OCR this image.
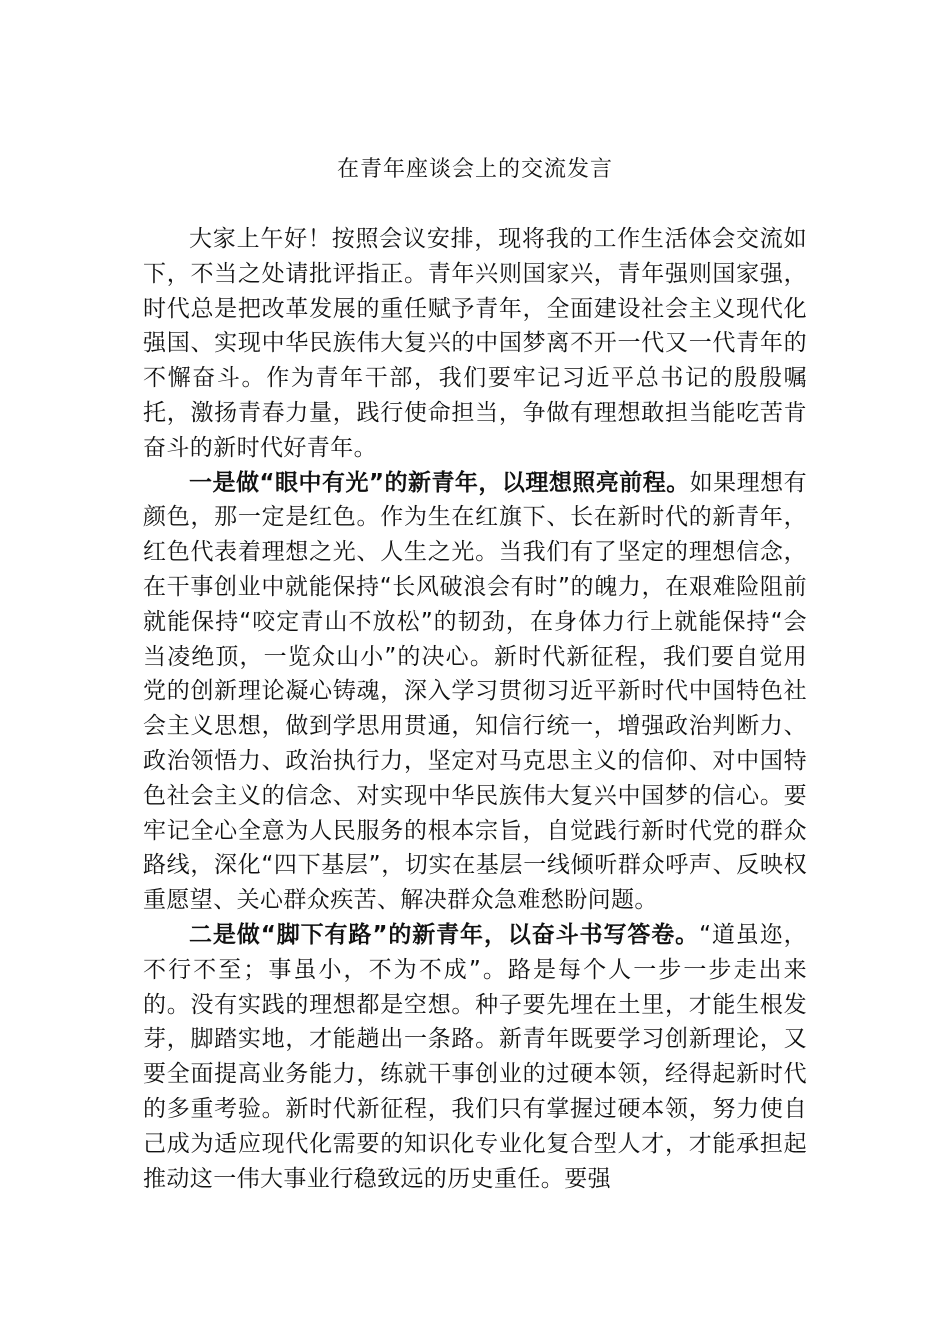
在青年座谈会上的交流发言

大家上午好！按照会议安排，现将我的工作生活体会交流如下，不当之处请批评指正。青年兴则国家兴，青年强则国家强，时代总是把改革发展的重任赋予青年，全面建设社会主义现代化强国、实现中华民族伟大复兴的中国梦离不开一代又一代青年的不懈奋斗。作为青年干部，我们要牢记习近平总书记的殷殷嘱托，激扬青春力量，践行使命担当，争做有理想敢担当能吃苦肯奋斗的新时代好青年。

一是做“眼中有光”的新青年，以理想照亮前程。如果理想有颜色，那一定是红色。作为生在红旗下、长在新时代的新青年，红色代表着理想之光、人生之光。当我们有了坚定的理想信念，在干事创业中就能保持“长风破浪会有时”的魄力，在艰难险阻前就能保持“咬定青山不放松”的韧劲，在身体力行上就能保持“会当凌绝顶，一览众山小”的决心。新时代新征程，我们要自觉用党的创新理论凝心铸魂，深入学习贯彻习近平新时代中国特色社会主义思想，做到学思用贯通，知信行统一，增强政治判断力、政治领悟力、政治执行力，坚定对马克思主义的信仰、对中国特色社会主义的信念、对实现中华民族伟大复兴中国梦的信心。要牢记全心全意为人民服务的根本宗旨，自觉践行新时代党的群众路线，深化“四下基层”，切实在基层一线倾听群众呼声、反映权重愿望、关心群众疾苦、解决群众急难愁盼问题。

二是做“脚下有路”的新青年，以奋斗书写答卷。“道虽迩，不行不至；事虽小，不为不成”。路是每个人一步一步走出来的。没有实践的理想都是空想。种子要先埋在土里，才能生根发芽，脚踏实地，才能趟出一条路。新青年既要学习创新理论，又要全面提高业务能力，练就干事创业的过硬本领，经得起新时代的多重考验。新时代新征程，我们只有掌握过硬本领，努力使自己成为适应现代化需要的知识化专业化复合型人才，才能承担起推动这一伟大事业行稳致远的历史重任。要强
